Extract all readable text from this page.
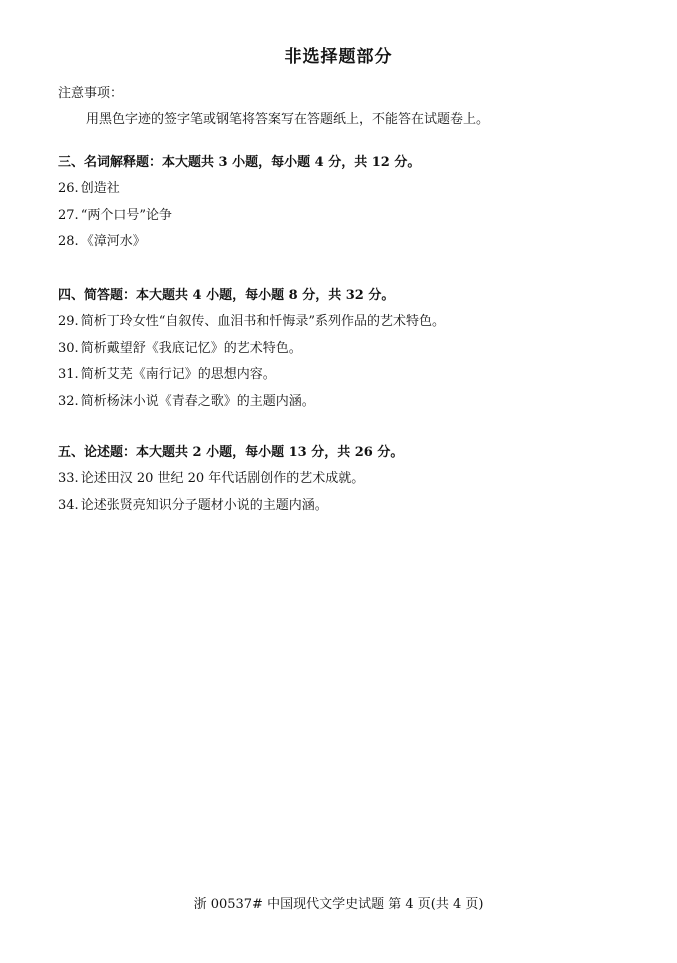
非选择题部分
注意事项：
用黑色字迹的签字笔或钢笔将答案写在答题纸上，不能答在试题卷上。
三、名词解释题：本大题共 3 小题，每小题 4 分，共 12 分。
26. 创造社
27. “两个口号”论争
28. 《漳河水》
四、简答题：本大题共 4 小题，每小题 8 分，共 32 分。
29. 简析丁玲女性“自叙传、血泪书和忏悔录”系列作品的艺术特色。
30. 简析戴望舒《我底记忆》的艺术特色。
31. 简析艾芜《南行记》的思想内容。
32. 简析杨沫小说《青春之歌》的主题内涵。
五、论述题：本大题共 2 小题，每小题 13 分，共 26 分。
33. 论述田汉 20 世纪 20 年代话剧创作的艺术成就。
34. 论述张贤亮知识分子题材小说的主题内涵。
浙 00537# 中国现代文学史试题 第 4 页(共 4 页)
